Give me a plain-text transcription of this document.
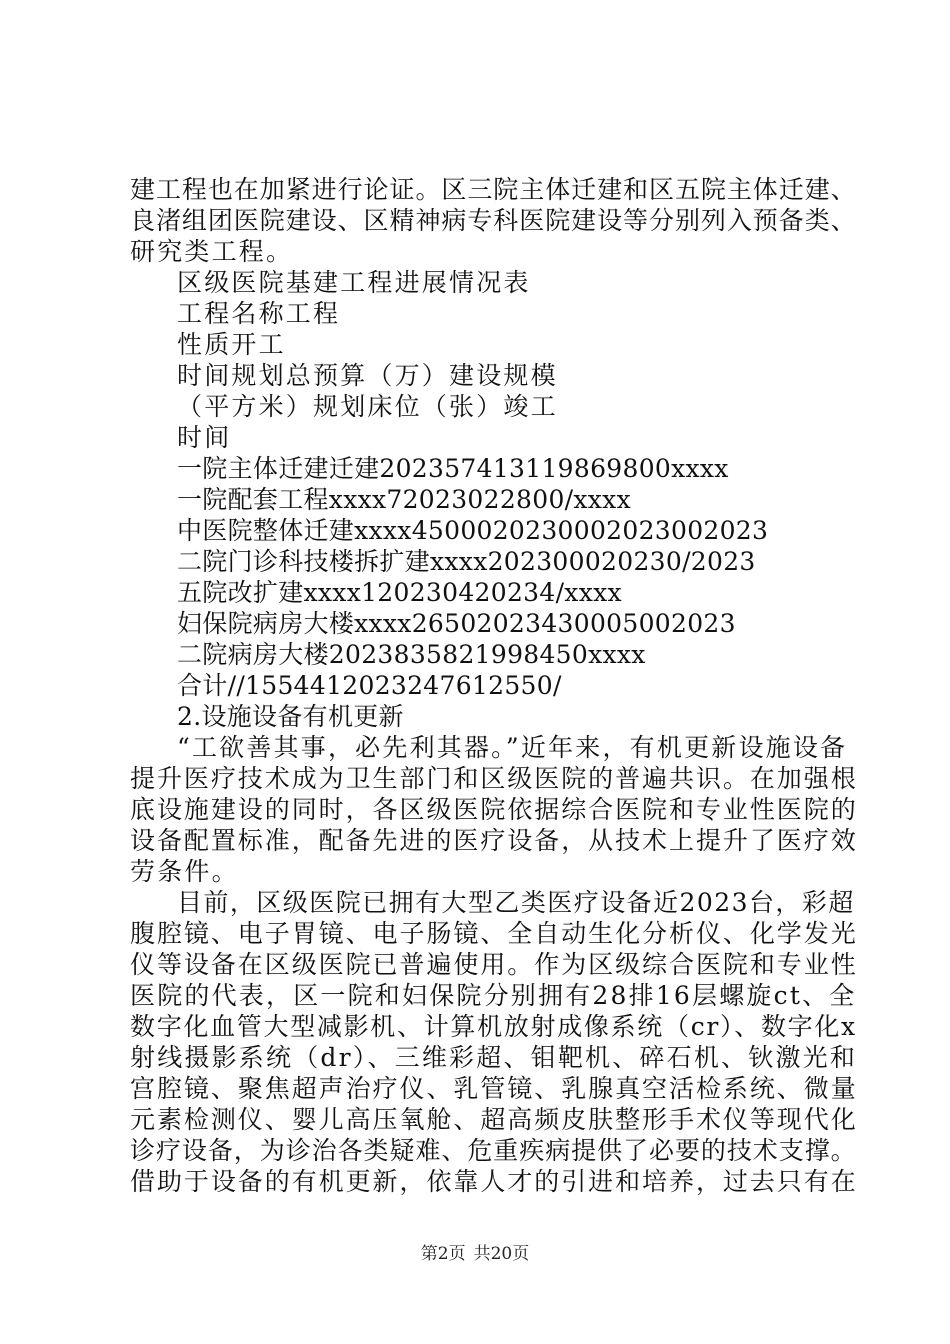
建工程也在加紧进行论证。区三院主体迁建和区五院主体迁建、
良渚组团医院建设、区精神病专科医院建设等分别列入预备类、
研究类工程。
区级医院基建工程进展情况表
工程名称工程
性质开工
时间规划总预算（万）建设规模
（平方米）规划床位（张）竣工
时间
一院主体迁建迁建202357413119869800xxxx
一院配套工程xxxx72023022800/xxxx
中医院整体迁建xxxx4500020230002023002023
二院门诊科技楼拆扩建xxxx202300020230/2023
五院改扩建xxxx120230420234/xxxx
妇保院病房大楼xxxx26502023430005002023
二院病房大楼2023835821998450xxxx
合计//1554412023247612550/
2.设施设备有机更新
“工欲善其事，必先利其器。”近年来，有机更新设施设备
提升医疗技术成为卫生部门和区级医院的普遍共识。在加强根
底设施建设的同时，各区级医院依据综合医院和专业性医院的
设备配置标准，配备先进的医疗设备，从技术上提升了医疗效
劳条件。
目前，区级医院已拥有大型乙类医疗设备近2023台，彩超
腹腔镜、电子胃镜、电子肠镜、全自动生化分析仪、化学发光
仪等设备在区级医院已普遍使用。作为区级综合医院和专业性
医院的代表，区一院和妇保院分别拥有28排16层螺旋ct、全
数字化血管大型减影机、计算机放射成像系统（cr）、数字化x
射线摄影系统（dr）、三维彩超、钼靶机、碎石机、钬激光和
宫腔镜、聚焦超声治疗仪、乳管镜、乳腺真空活检系统、微量
元素检测仪、婴儿高压氧舱、超高频皮肤整形手术仪等现代化
诊疗设备，为诊治各类疑难、危重疾病提供了必要的技术支撑。
借助于设备的有机更新，依靠人才的引进和培养，过去只有在
第2页 共20页
